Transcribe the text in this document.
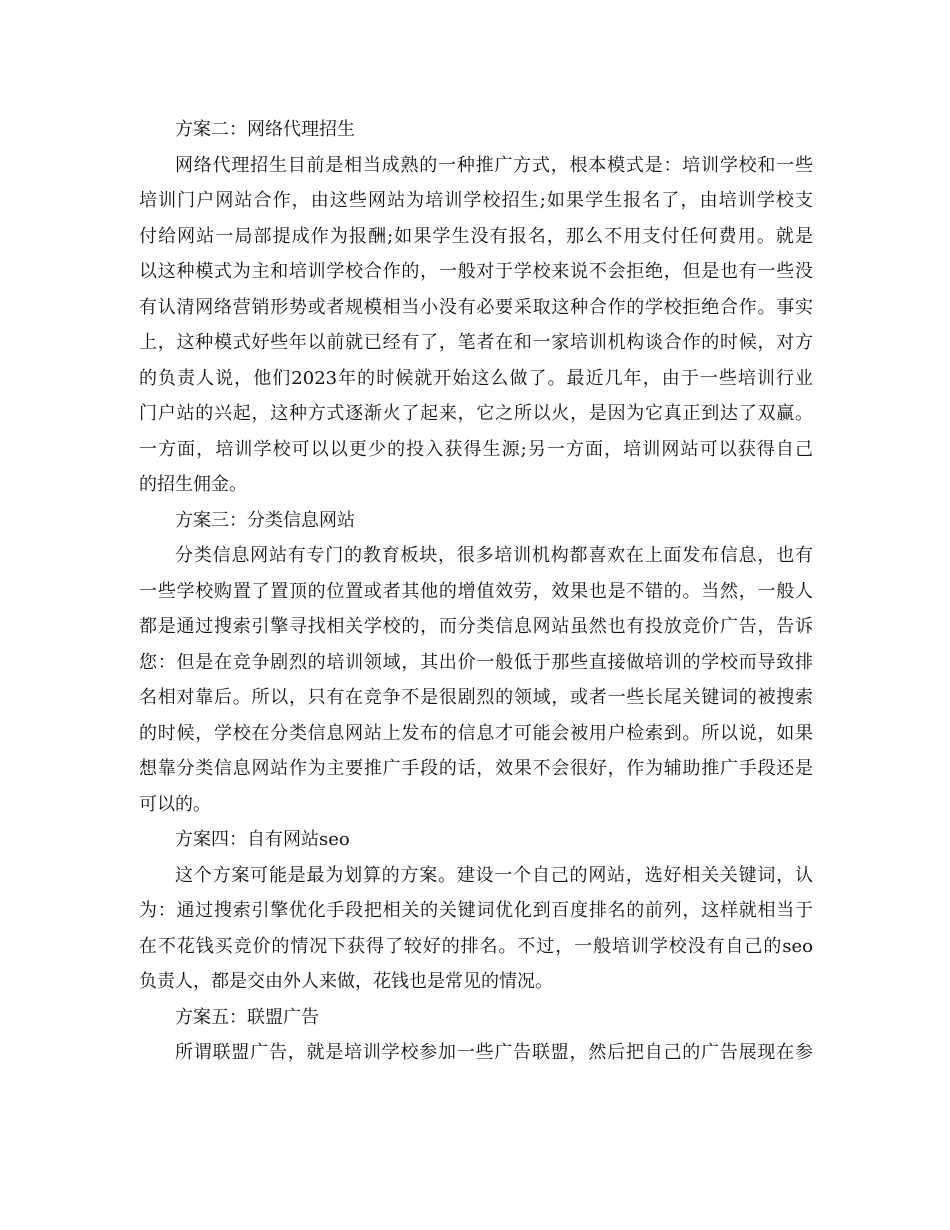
方案二：网络代理招生
网络代理招生目前是相当成熟的一种推广方式，根本模式是：培训学校和一些
培训门户网站合作，由这些网站为培训学校招生;如果学生报名了，由培训学校支
付给网站一局部提成作为报酬;如果学生没有报名，那么不用支付任何费用。就是
以这种模式为主和培训学校合作的，一般对于学校来说不会拒绝，但是也有一些没
有认清网络营销形势或者规模相当小没有必要采取这种合作的学校拒绝合作。事实
上，这种模式好些年以前就已经有了，笔者在和一家培训机构谈合作的时候，对方
的负责人说，他们2023年的时候就开始这么做了。最近几年，由于一些培训行业
门户站的兴起，这种方式逐渐火了起来，它之所以火，是因为它真正到达了双赢。
一方面，培训学校可以以更少的投入获得生源;另一方面，培训网站可以获得自己
的招生佣金。
方案三：分类信息网站
分类信息网站有专门的教育板块，很多培训机构都喜欢在上面发布信息，也有
一些学校购置了置顶的位置或者其他的增值效劳，效果也是不错的。当然，一般人
都是通过搜索引擎寻找相关学校的，而分类信息网站虽然也有投放竞价广告，告诉
您：但是在竞争剧烈的培训领域，其出价一般低于那些直接做培训的学校而导致排
名相对靠后。所以，只有在竞争不是很剧烈的领域，或者一些长尾关键词的被搜索
的时候，学校在分类信息网站上发布的信息才可能会被用户检索到。所以说，如果
想靠分类信息网站作为主要推广手段的话，效果不会很好，作为辅助推广手段还是
可以的。
方案四：自有网站seo
这个方案可能是最为划算的方案。建设一个自己的网站，选好相关关键词，认
为：通过搜索引擎优化手段把相关的关键词优化到百度排名的前列，这样就相当于
在不花钱买竞价的情况下获得了较好的排名。不过，一般培训学校没有自己的seo
负责人，都是交由外人来做，花钱也是常见的情况。
方案五：联盟广告
所谓联盟广告，就是培训学校参加一些广告联盟，然后把自己的广告展现在参
